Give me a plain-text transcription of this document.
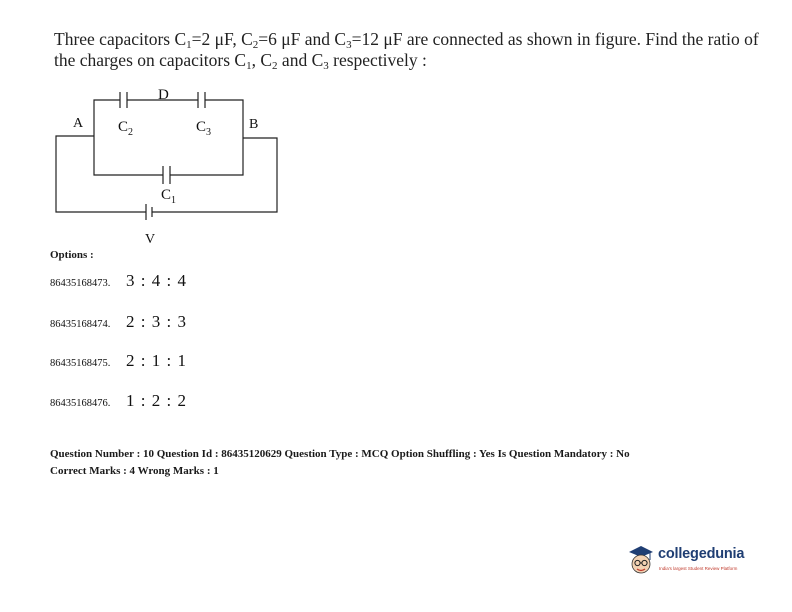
Three capacitors $C_1=2$ μF, $C_2=6$ μF and $C_3=12$ μF are connected as shown in figure. Find the ratio of the charges on capacitors $C_1$, $C_2$ and $C_3$ respectively :
D
A	B
$C_2$	$C_3$
$C_1$
V
Options :
86435168473. 3 : 4 : 4
86435168474. 2 : 3 : 3
86435168475. 2 : 1 : 1
86435168476. 1 : 2 : 2
Question Number : 10 Question Id : 86435120629 Question Type : MCQ Option Shuffling : Yes Is Question Mandatory : No
Correct Marks : 4 Wrong Marks : 1
collegedunia
India's largest Student Review Platform
